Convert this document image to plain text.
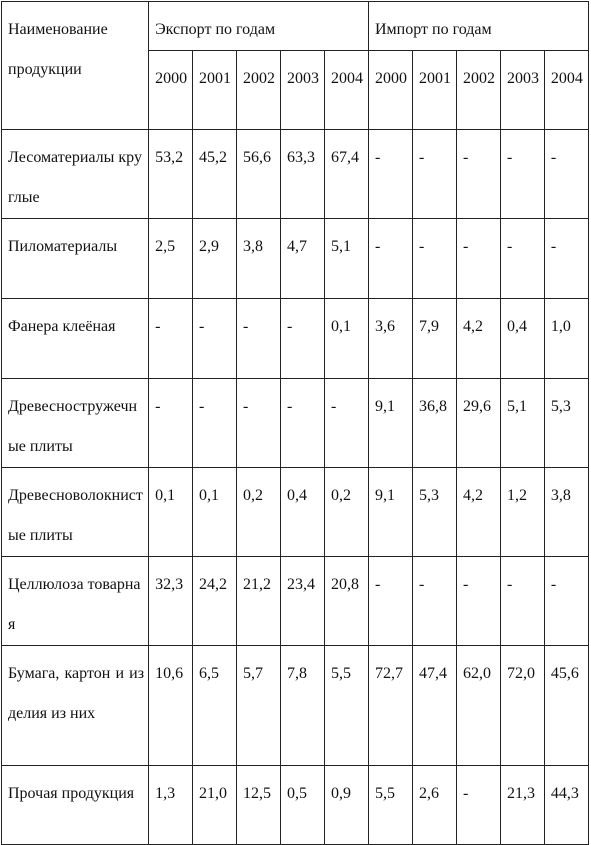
Наименование продукции	Экспорт по годам					Импорт по годам				
	2000	2001	2002	2003	2004	2000	2001	2002	2003	2004
Лесоматериалы круглые	53,2	45,2	56,6	63,3	67,4	-	-	-	-	-
Пиломатериалы	2,5	2,9	3,8	4,7	5,1	-	-	-	-	-
Фанера клеёная	-	-	-	-	0,1	3,6	7,9	4,2	0,4	1,0
Древесностружечные плиты	-	-	-	-	-	9,1	36,8	29,6	5,1	5,3
Древесноволокнистые плиты	0,1	0,1	0,2	0,4	0,2	9,1	5,3	4,2	1,2	3,8
Целлюлоза товарная	32,3	24,2	21,2	23,4	20,8	-	-	-	-	-
Бумага, картон и изделия из них	10,6	6,5	5,7	7,8	5,5	72,7	47,4	62,0	72,0	45,6
Прочая продукция	1,3	21,0	12,5	0,5	0,9	5,5	2,6	-	21,3	44,3
